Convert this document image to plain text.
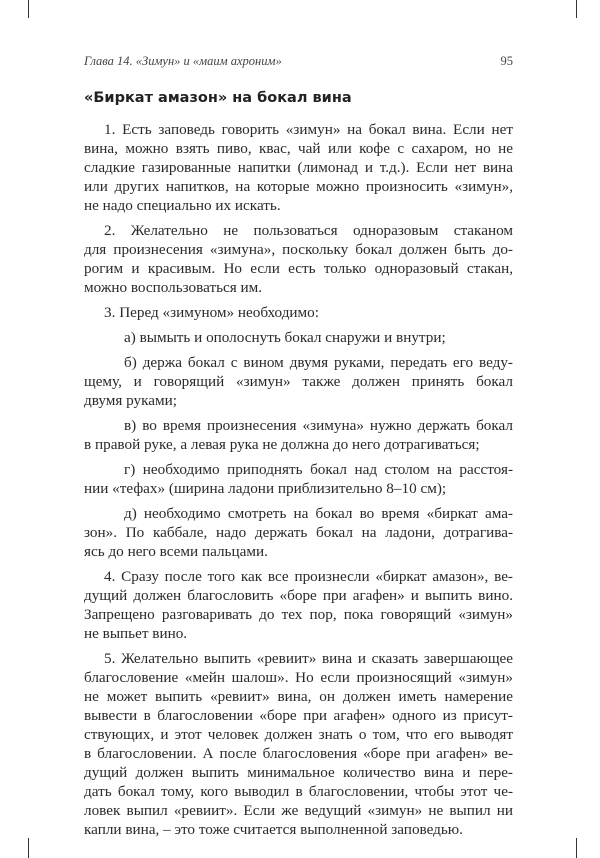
Глава 14. «Зимун» и «маим ахроним»	95
«Биркат амазон» на бокал вина
1. Есть заповедь говорить «зимун» на бокал вина. Если нет
вина, можно взять пиво, квас, чай или кофе с сахаром, но не
сладкие газированные напитки (лимонад и т.д.). Если нет вина
или других напитков, на которые можно произносить «зимун»,
не надо специально их искать.
2. Желательно не пользоваться одноразовым стаканом
для произнесения «зимуна», поскольку бокал должен быть до-
рогим и красивым. Но если есть только одноразовый стакан,
можно воспользоваться им.
3. Перед «зимуном» необходимо:
а) вымыть и ополоснуть бокал снаружи и внутри;
б) держа бокал с вином двумя руками, передать его веду-
щему, и говорящий «зимун» также должен принять бокал
двумя руками;
в) во время произнесения «зимуна» нужно держать бокал
в правой руке, а левая рука не должна до него дотрагиваться;
г) необходимо приподнять бокал над столом на расстоя-
нии «тефах» (ширина ладони приблизительно 8–10 см);
д) необходимо смотреть на бокал во время «биркат ама-
зон». По каббале, надо держать бокал на ладони, дотрагива-
ясь до него всеми пальцами.
4. Сразу после того как все произнесли «биркат амазон», ве-
дущий должен благословить «боре при агафен» и выпить вино.
Запрещено разговаривать до тех пор, пока говорящий «зимун»
не выпьет вино.
5. Желательно выпить «ревиит» вина и сказать завершающее
благословение «мейн шалош». Но если произносящий «зимун»
не может выпить «ревиит» вина, он должен иметь намерение
вывести в благословении «боре при агафен» одного из присут-
ствующих, и этот человек должен знать о том, что его выводят
в благословении. А после благословения «боре при агафен» ве-
дущий должен выпить минимальное количество вина и пере-
дать бокал тому, кого выводил в благословении, чтобы этот че-
ловек выпил «ревиит». Если же ведущий «зимун» не выпил ни
капли вина, – это тоже считается выполненной заповедью.
